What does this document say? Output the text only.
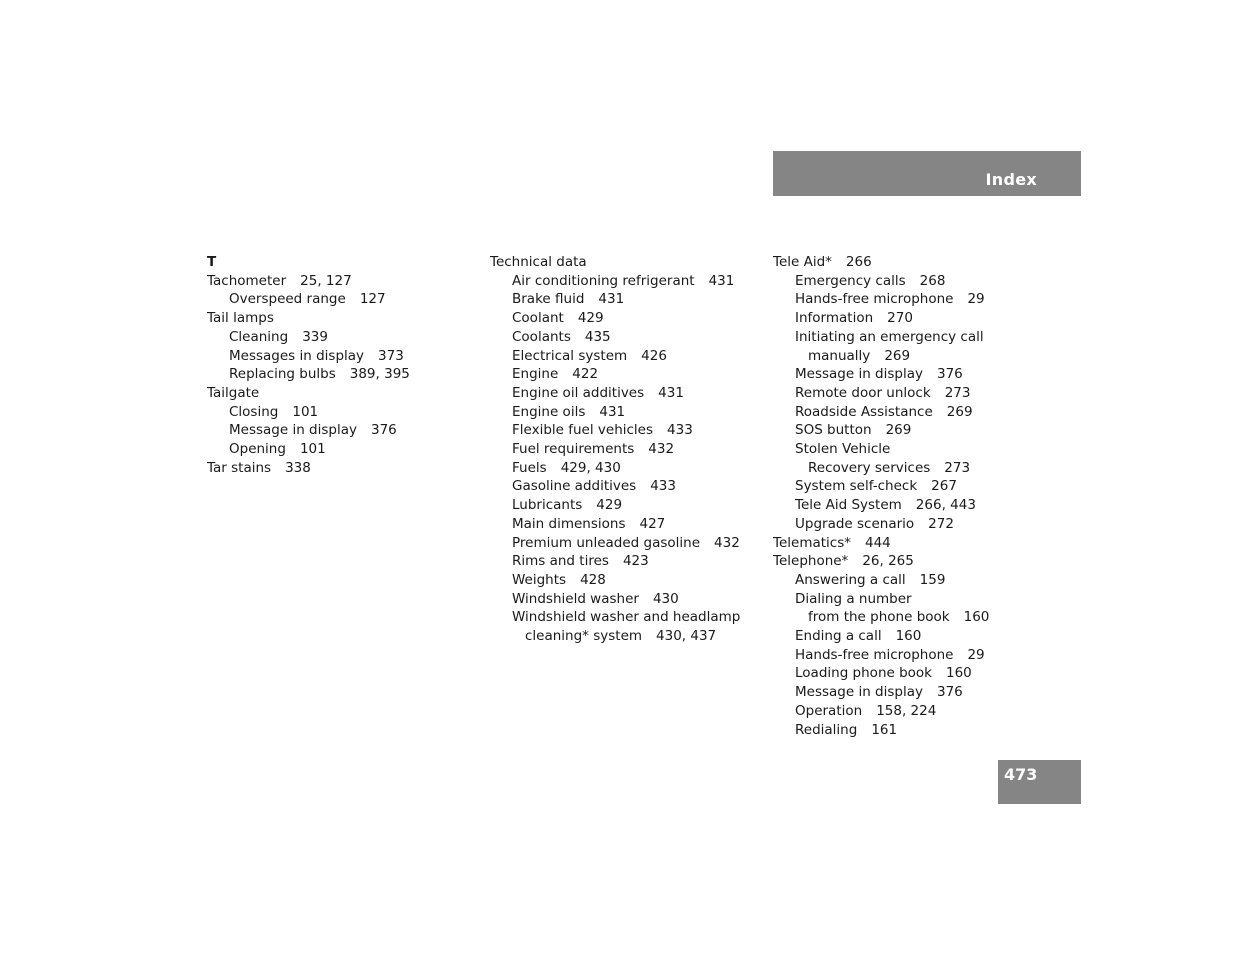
Index
T
Tachometer 25, 127
Overspeed range 127
Tail lamps
Cleaning 339
Messages in display 373
Replacing bulbs 389, 395
Tailgate
Closing 101
Message in display 376
Opening 101
Tar stains 338
Technical data
Air conditioning refrigerant 431
Brake fluid 431
Coolant 429
Coolants 435
Electrical system 426
Engine 422
Engine oil additives 431
Engine oils 431
Flexible fuel vehicles 433
Fuel requirements 432
Fuels 429, 430
Gasoline additives 433
Lubricants 429
Main dimensions 427
Premium unleaded gasoline 432
Rims and tires 423
Weights 428
Windshield washer 430
Windshield washer and headlamp
cleaning* system 430, 437
Tele Aid* 266
Emergency calls 268
Hands-free microphone 29
Information 270
Initiating an emergency call
manually 269
Message in display 376
Remote door unlock 273
Roadside Assistance 269
SOS button 269
Stolen Vehicle
Recovery services 273
System self-check 267
Tele Aid System 266, 443
Upgrade scenario 272
Telematics* 444
Telephone* 26, 265
Answering a call 159
Dialing a number
from the phone book 160
Ending a call 160
Hands-free microphone 29
Loading phone book 160
Message in display 376
Operation 158, 224
Redialing 161
473
